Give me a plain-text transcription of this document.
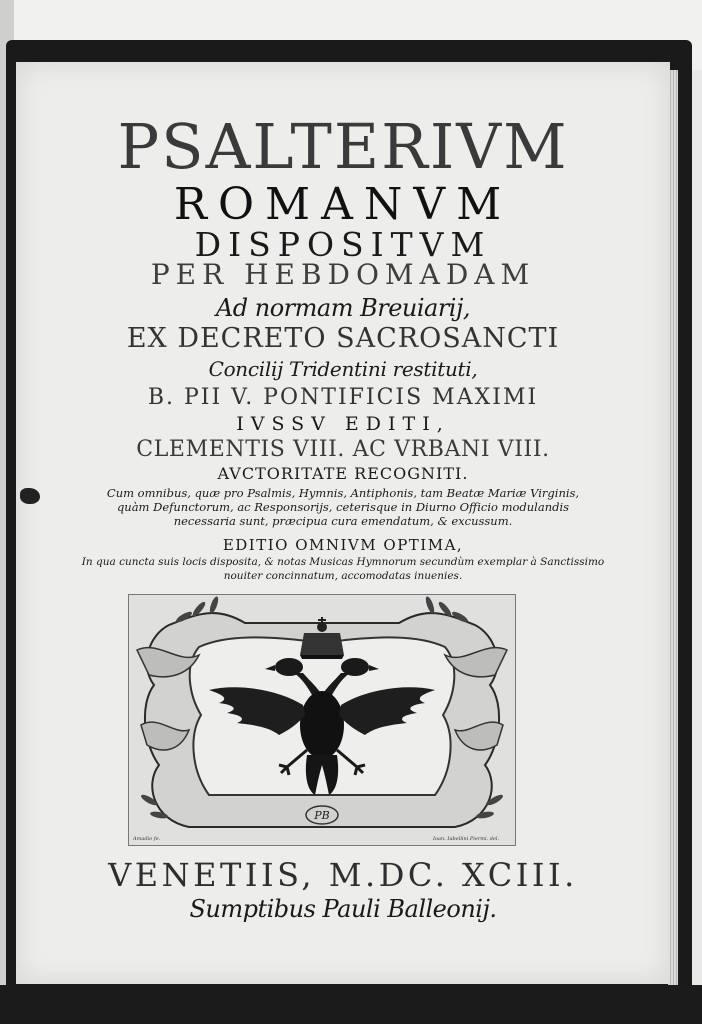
PSALTERIVM
ROMANVM
DISPOSITVM
PER HEBDOMADAM
Ad normam Breuiarij,
EX DECRETO SACROSANCTI
Concilij Tridentini restituti,
B. PII V. PONTIFICIS MAXIMI
IVSSV EDITI,
CLEMENTIS VIII. AC VRBANI VIII.
AVCTORITATE RECOGNITI.
Cum omnibus, quæ pro Psalmis, Hymnis, Antiphonis, tam Beatæ Mariæ Virginis,
quàm Defunctorum, ac Responsorijs, ceterisque in Diurno Officio modulandis
necessaria sunt, præcipua cura emendatum, & excussum.
EDITIO OMNIVM OPTIMA,
In qua cuncta suis locis disposita, & notas Musicas Hymnorum secundùm exemplar à Sanctissimo
nouiter concinnatum, accomodatas inuenies.
PB
Amadio fe.	Ioan. Iubellini Piermi. del.
VENETIIS, M.DC. XCIII.
Sumptibus Pauli Balleonij.
